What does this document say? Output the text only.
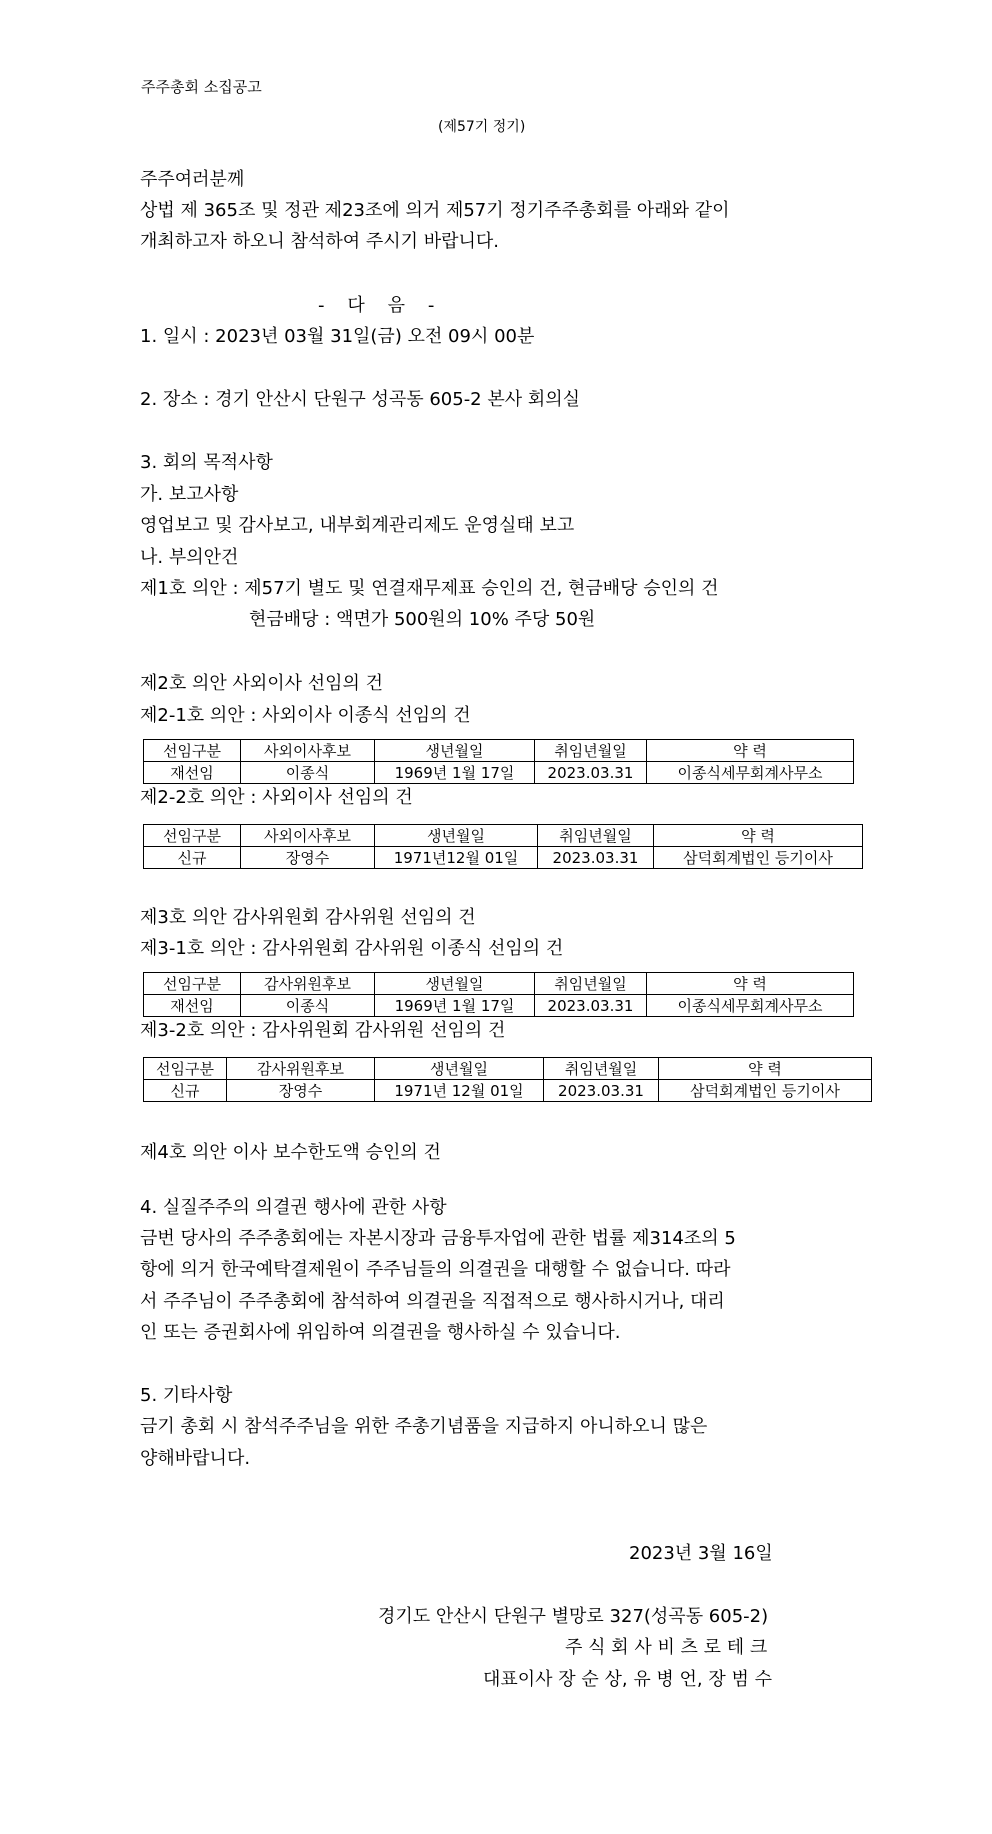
주주총회 소집공고
(제57기 정기)
주주여러분께
상법 제 365조 및 정관 제23조에 의거 제57기 정기주주총회를 아래와 같이
개최하고자 하오니 참석하여 주시기 바랍니다.
-    다    음    -
1. 일시 : 2023년 03월 31일(금) 오전 09시 00분
2. 장소 : 경기 안산시 단원구 성곡동 605-2 본사 회의실
3. 회의 목적사항
가. 보고사항
영업보고 및 감사보고, 내부회계관리제도 운영실태 보고
나. 부의안건
제1호 의안 : 제57기 별도 및 연결재무제표 승인의 건, 현금배당 승인의 건
현금배당 : 액면가 500원의 10% 주당 50원
제2호 의안 사외이사 선임의 건
제2-1호 의안 : 사외이사 이종식 선임의 건
선임구분	사외이사후보	생년월일	취임년월일	약 력
재선임	이종식	1969년 1월 17일	2023.03.31	이종식세무회계사무소
제2-2호 의안 : 사외이사 선임의 건
선임구분	사외이사후보	생년월일	취임년월일	약 력
신규	장영수	1971년12월 01일	2023.03.31	삼덕회계법인 등기이사
제3호 의안 감사위원회 감사위원 선임의 건
제3-1호 의안 : 감사위원회 감사위원 이종식 선임의 건
선임구분	감사위원후보	생년월일	취임년월일	약 력
재선임	이종식	1969년 1월 17일	2023.03.31	이종식세무회계사무소
제3-2호 의안 : 감사위원회 감사위원 선임의 건
선임구분	감사위원후보	생년월일	취임년월일	약 력
신규	장영수	1971년 12월 01일	2023.03.31	삼덕회계법인 등기이사
제4호 의안 이사 보수한도액 승인의 건
4. 실질주주의 의결권 행사에 관한 사항
금번 당사의 주주총회에는 자본시장과 금융투자업에 관한 법률 제314조의 5
항에 의거 한국예탁결제원이 주주님들의 의결권을 대행할 수 없습니다. 따라
서 주주님이 주주총회에 참석하여 의결권을 직접적으로 행사하시거나, 대리
인 또는 증권회사에 위임하여 의결권을 행사하실 수 있습니다.
5. 기타사항
금기 총회 시 참석주주님을 위한 주총기념품을 지급하지 아니하오니 많은
양해바랍니다.
2023년 3월 16일
경기도 안산시 단원구 별망로 327(성곡동 605-2)
주 식 회 사 비 츠 로 테 크
대표이사 장 순 상, 유 병 언, 장 범 수
